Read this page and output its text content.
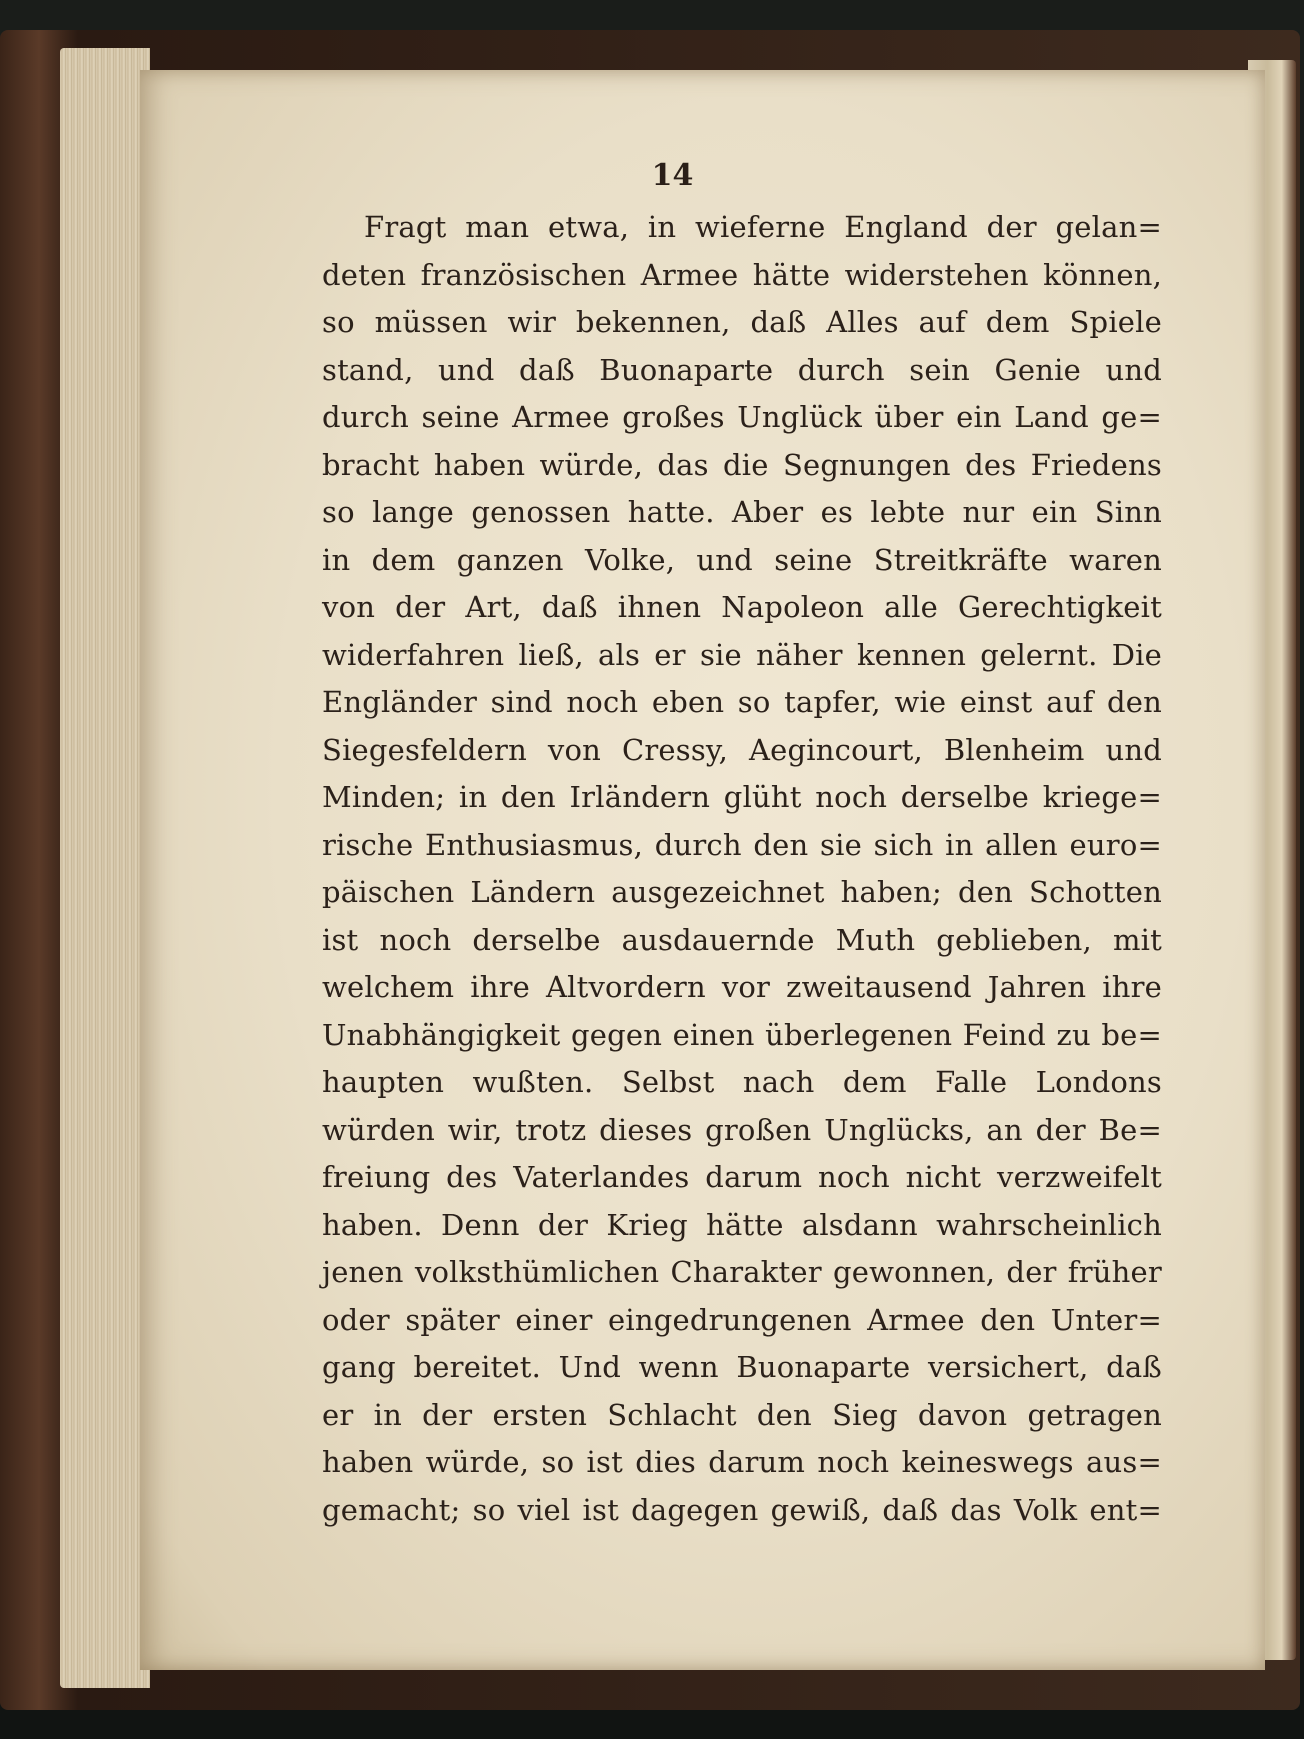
14
Fragt man etwa, in wieferne England der gelan=
deten französischen Armee hätte widerstehen können,
so müssen wir bekennen, daß Alles auf dem Spiele
stand, und daß Buonaparte durch sein Genie und
durch seine Armee großes Unglück über ein Land ge=
bracht haben würde, das die Segnungen des Friedens
so lange genossen hatte. Aber es lebte nur ein Sinn
in dem ganzen Volke, und seine Streitkräfte waren
von der Art, daß ihnen Napoleon alle Gerechtigkeit
widerfahren ließ, als er sie näher kennen gelernt. Die
Engländer sind noch eben so tapfer, wie einst auf den
Siegesfeldern von Cressy, Aegincourt, Blenheim und
Minden; in den Irländern glüht noch derselbe kriege=
rische Enthusiasmus, durch den sie sich in allen euro=
päischen Ländern ausgezeichnet haben; den Schotten
ist noch derselbe ausdauernde Muth geblieben, mit
welchem ihre Altvordern vor zweitausend Jahren ihre
Unabhängigkeit gegen einen überlegenen Feind zu be=
haupten wußten. Selbst nach dem Falle Londons
würden wir, trotz dieses großen Unglücks, an der Be=
freiung des Vaterlandes darum noch nicht verzweifelt
haben. Denn der Krieg hätte alsdann wahrscheinlich
jenen volksthümlichen Charakter gewonnen, der früher
oder später einer eingedrungenen Armee den Unter=
gang bereitet. Und wenn Buonaparte versichert, daß
er in der ersten Schlacht den Sieg davon getragen
haben würde, so ist dies darum noch keineswegs aus=
gemacht; so viel ist dagegen gewiß, daß das Volk ent=
